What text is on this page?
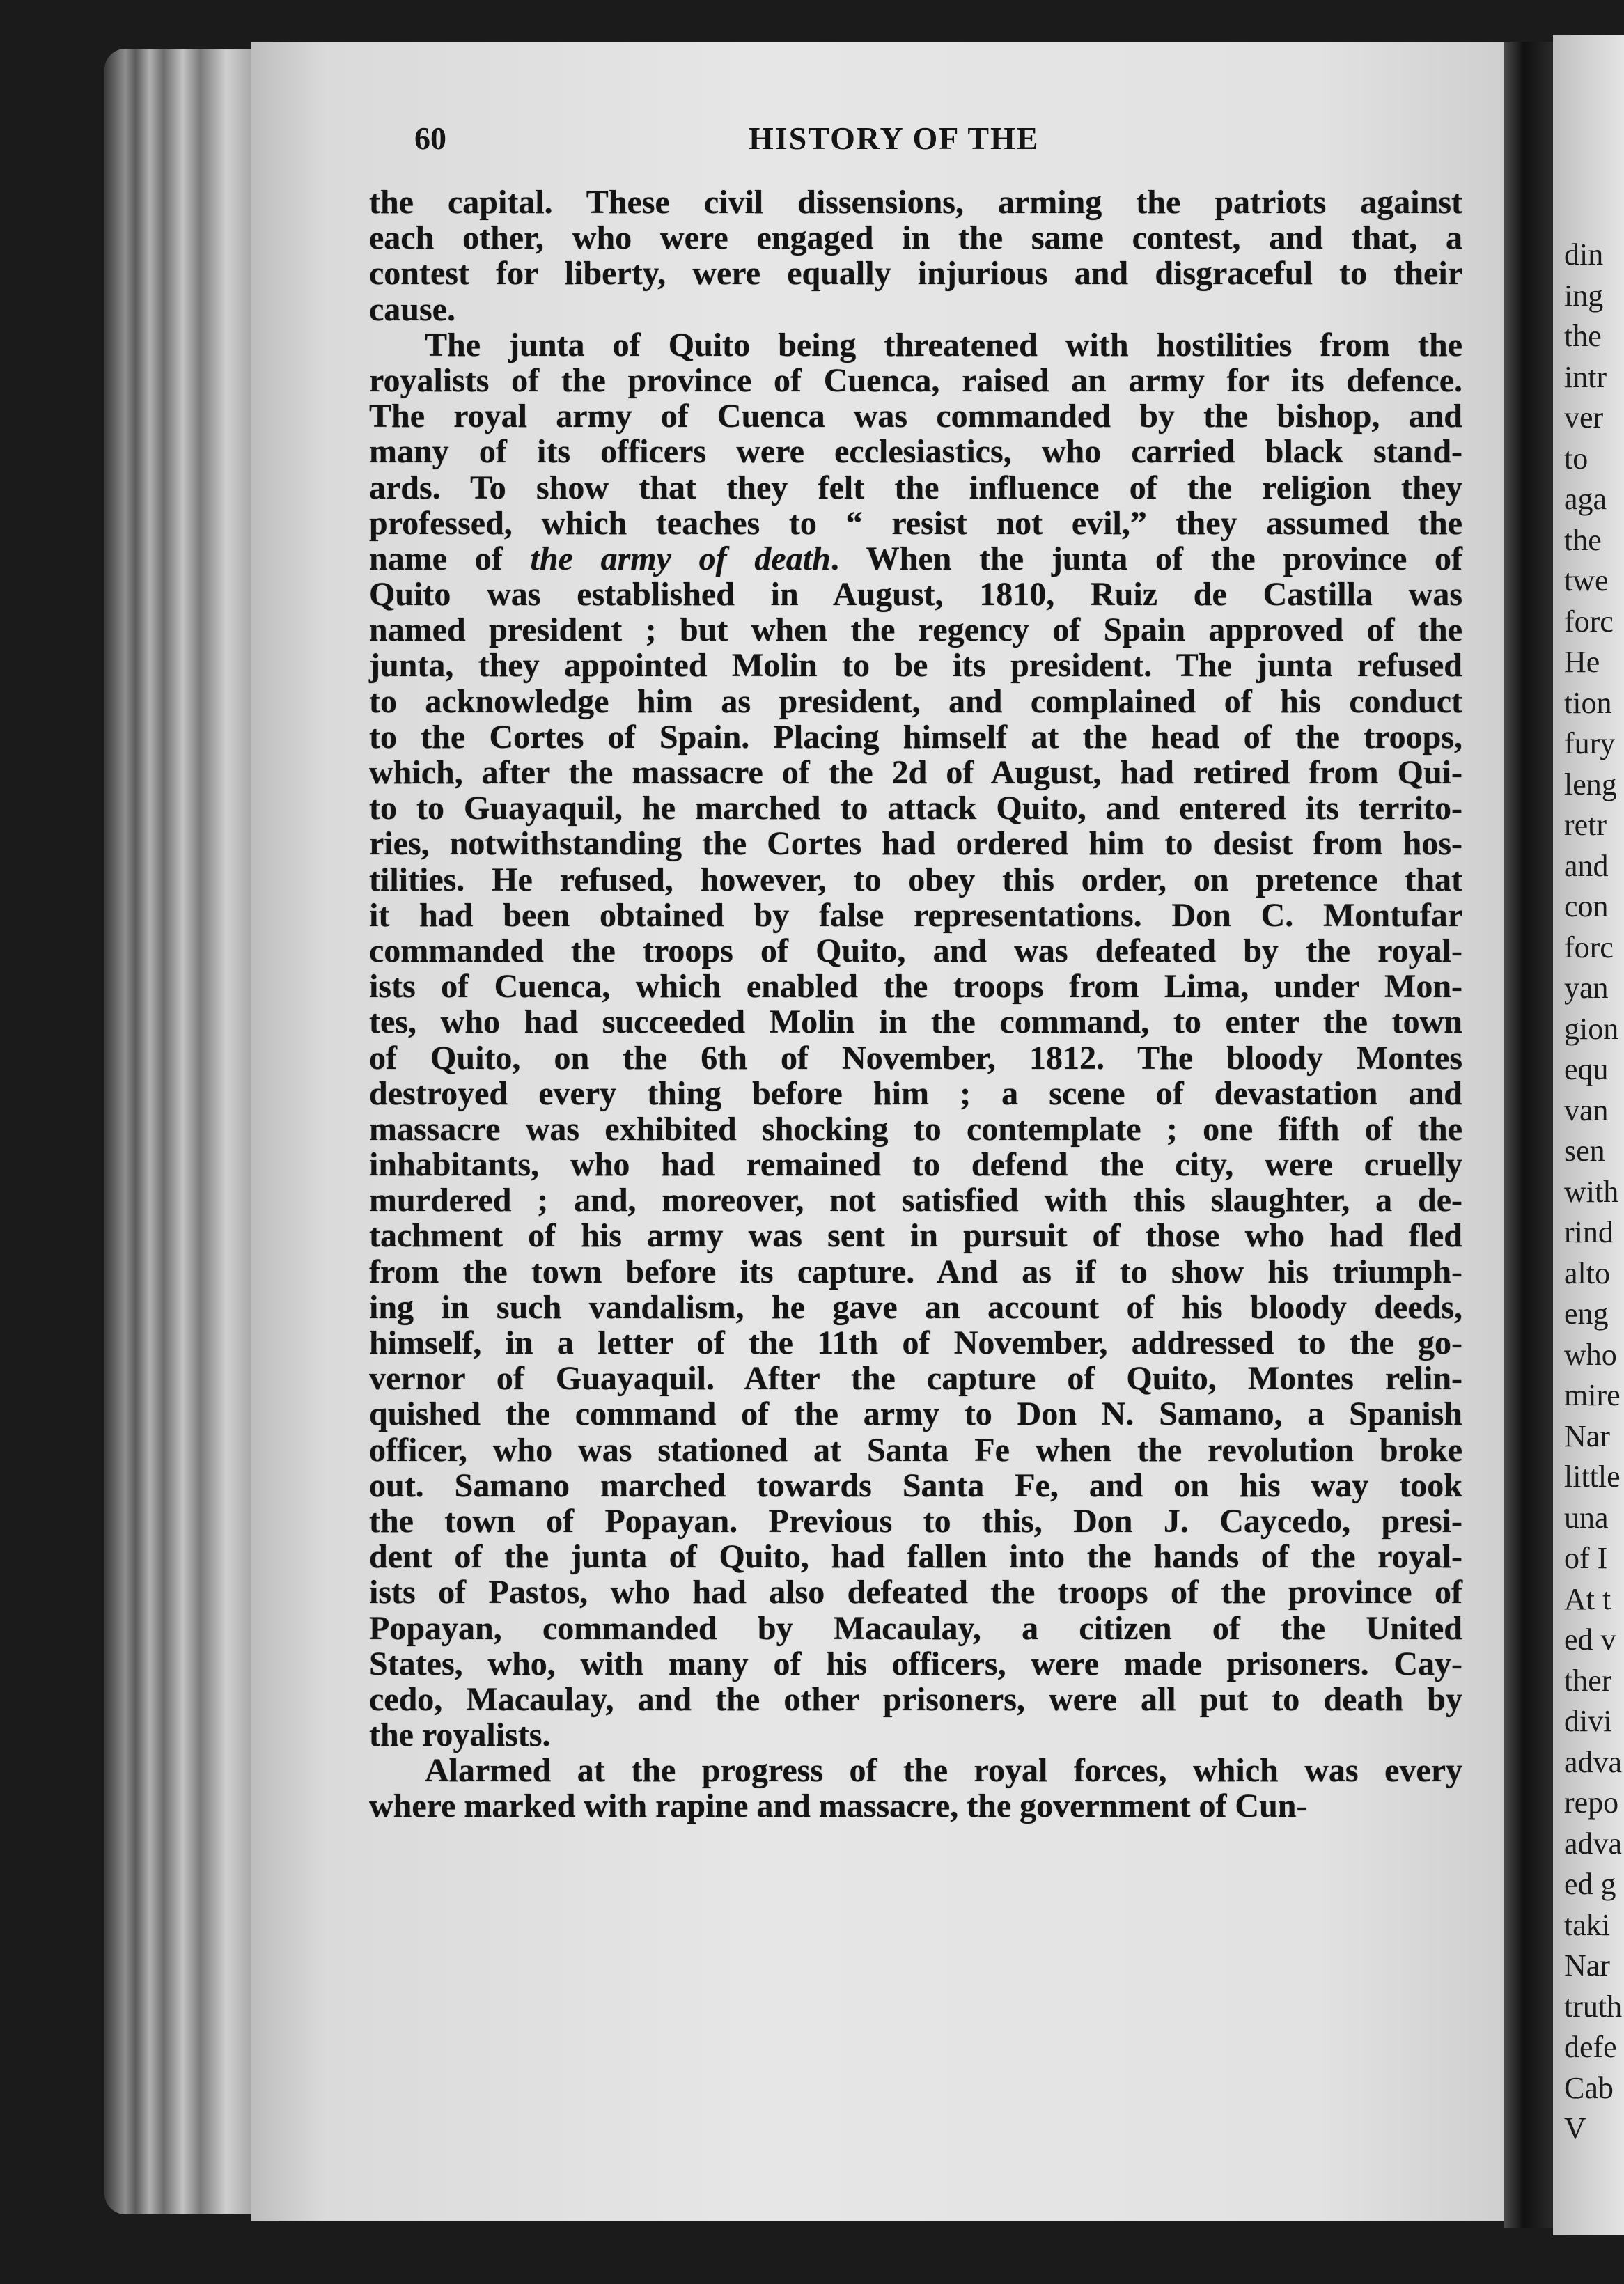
din
ing
the
intr
ver
to
aga
the
twe
forc
He
tion
fury
leng
retr
and
con
forc
yan
gion
equ
van
sen
with
rind
alto
eng
who
mire
Nar
little
una
of I
At t
ed v
ther
divi
adva
repo
adva
ed g
taki
Nar
truth
defe
Cab
V
60	HISTORY OF THE
the capital. These civil dissensions, arming the patriots against
each other, who were engaged in the same contest, and that, a
contest for liberty, were equally injurious and disgraceful to their
cause.
The junta of Quito being threatened with hostilities from the
royalists of the province of Cuenca, raised an army for its defence.
The royal army of Cuenca was commanded by the bishop, and
many of its officers were ecclesiastics, who carried black stand-
ards. To show that they felt the influence of the religion they
professed, which teaches to “ resist not evil,” they assumed the
name of the army of death. When the junta of the province of
Quito was established in August, 1810, Ruiz de Castilla was
named president ; but when the regency of Spain approved of the
junta, they appointed Molin to be its president. The junta refused
to acknowledge him as president, and complained of his conduct
to the Cortes of Spain. Placing himself at the head of the troops,
which, after the massacre of the 2d of August, had retired from Qui-
to to Guayaquil, he marched to attack Quito, and entered its territo-
ries, notwithstanding the Cortes had ordered him to desist from hos-
tilities. He refused, however, to obey this order, on pretence that
it had been obtained by false representations. Don C. Montufar
commanded the troops of Quito, and was defeated by the royal-
ists of Cuenca, which enabled the troops from Lima, under Mon-
tes, who had succeeded Molin in the command, to enter the town
of Quito, on the 6th of November, 1812. The bloody Montes
destroyed every thing before him ; a scene of devastation and
massacre was exhibited shocking to contemplate ; one fifth of the
inhabitants, who had remained to defend the city, were cruelly
murdered ; and, moreover, not satisfied with this slaughter, a de-
tachment of his army was sent in pursuit of those who had fled
from the town before its capture. And as if to show his triumph-
ing in such vandalism, he gave an account of his bloody deeds,
himself, in a letter of the 11th of November, addressed to the go-
vernor of Guayaquil. After the capture of Quito, Montes relin-
quished the command of the army to Don N. Samano, a Spanish
officer, who was stationed at Santa Fe when the revolution broke
out. Samano marched towards Santa Fe, and on his way took
the town of Popayan. Previous to this, Don J. Caycedo, presi-
dent of the junta of Quito, had fallen into the hands of the royal-
ists of Pastos, who had also defeated the troops of the province of
Popayan, commanded by Macaulay, a citizen of the United
States, who, with many of his officers, were made prisoners. Cay-
cedo, Macaulay, and the other prisoners, were all put to death by
the royalists.
Alarmed at the progress of the royal forces, which was every
where marked with rapine and massacre, the government of Cun-
